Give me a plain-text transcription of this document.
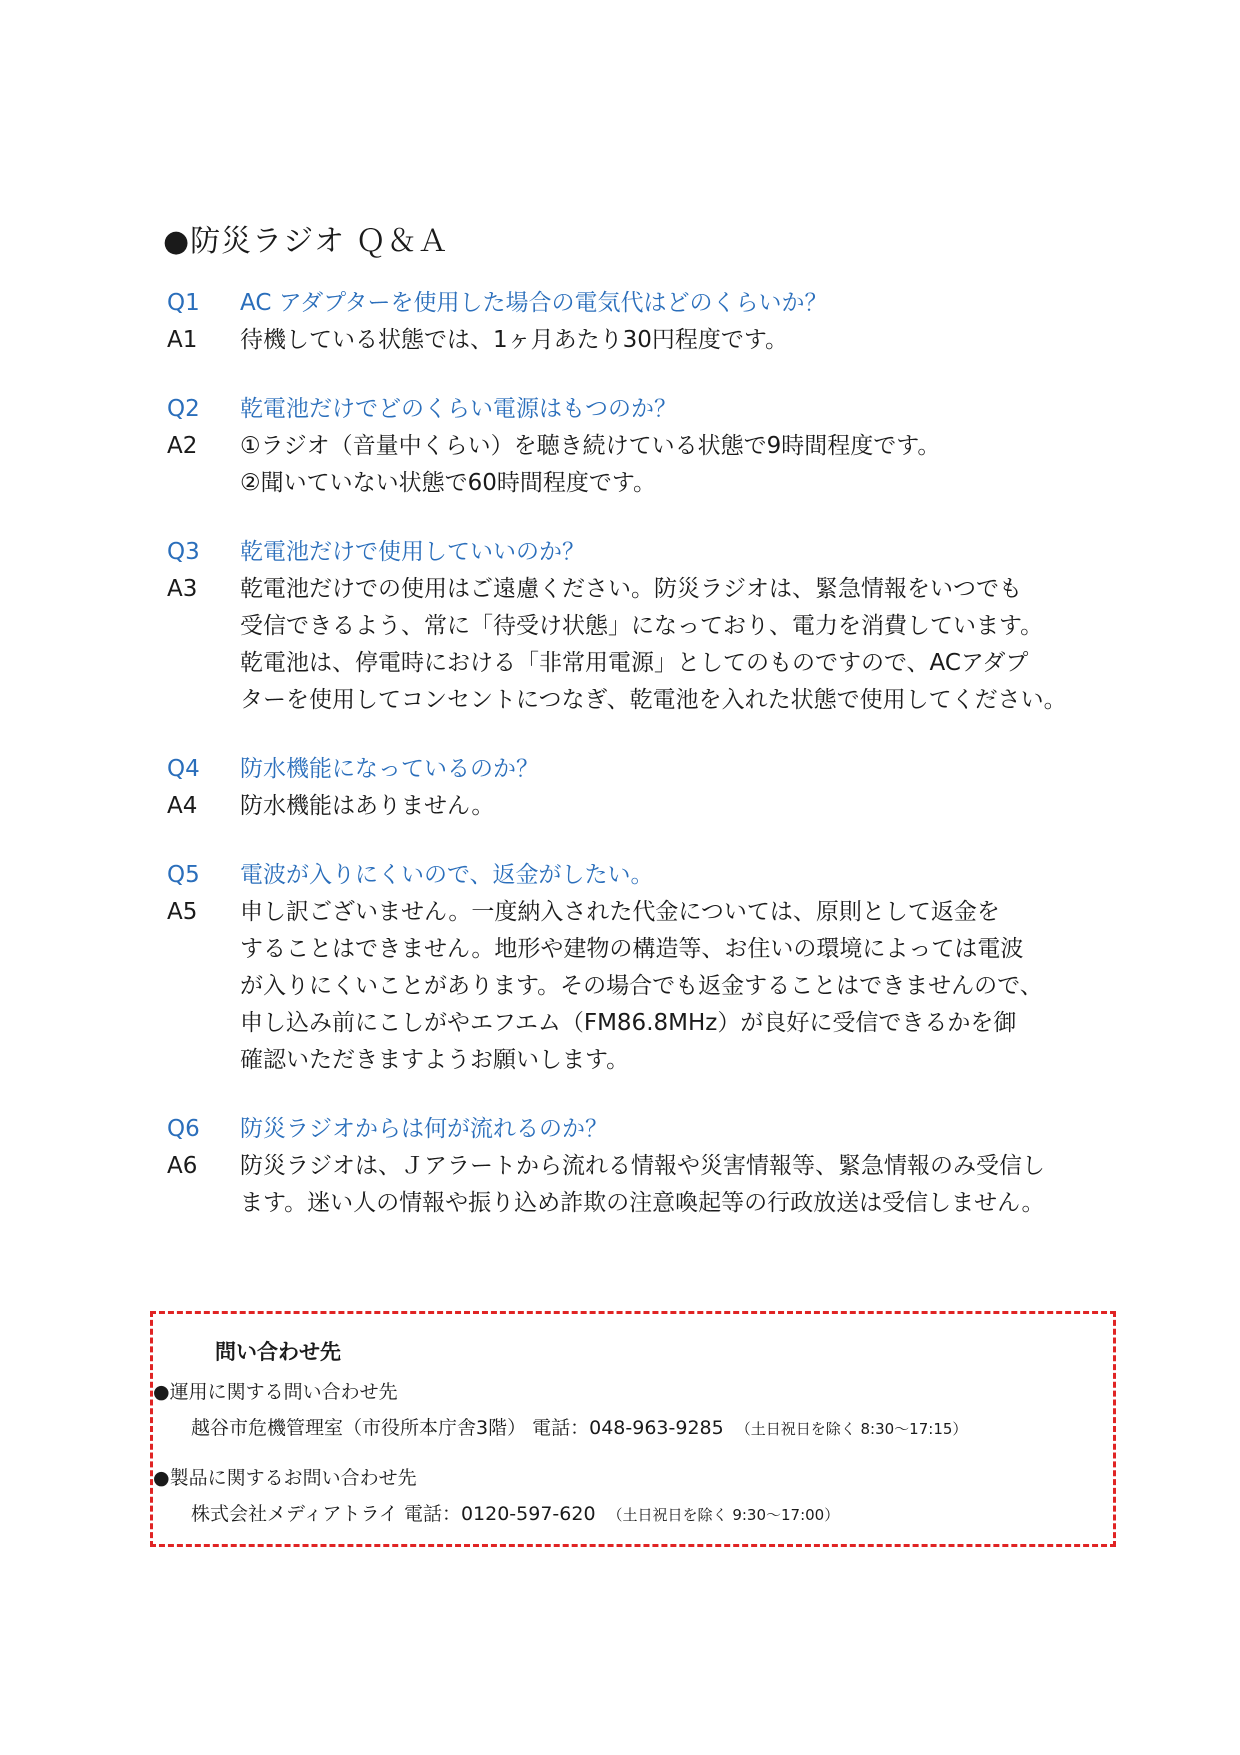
●防災ラジオ Ｑ＆Ａ
Q1	AC アダプターを使用した場合の電気代はどのくらいか？
A1	待機している状態では、1ヶ月あたり30円程度です。
Q2	乾電池だけでどのくらい電源はもつのか？
A2	①ラジオ（音量中くらい）を聴き続けている状態で9時間程度です。
②聞いていない状態で60時間程度です。
Q3	乾電池だけで使用していいのか？
A3	乾電池だけでの使用はご遠慮ください。防災ラジオは、緊急情報をいつでも
受信できるよう、常に「待受け状態」になっており、電力を消費しています。
乾電池は、停電時における「非常用電源」としてのものですので、ACアダプ
ターを使用してコンセントにつなぎ、乾電池を入れた状態で使用してください。
Q4	防水機能になっているのか？
A4	防水機能はありません。
Q5	電波が入りにくいので、返金がしたい。
A5	申し訳ございません。一度納入された代金については、原則として返金を
することはできません。地形や建物の構造等、お住いの環境によっては電波
が入りにくいことがあります。その場合でも返金することはできませんので、
申し込み前にこしがやエフエム（FM86.8MHz）が良好に受信できるかを御
確認いただきますようお願いします。
Q6	防災ラジオからは何が流れるのか？
A6	防災ラジオは、Ｊアラートから流れる情報や災害情報等、緊急情報のみ受信し
ます。迷い人の情報や振り込め詐欺の注意喚起等の行政放送は受信しません。
問い合わせ先
●運用に関する問い合わせ先
越谷市危機管理室（市役所本庁舎3階） 電話：048-963-9285 （土日祝日を除く 8:30～17:15）
●製品に関するお問い合わせ先
株式会社メディアトライ 電話：0120-597-620 （土日祝日を除く 9:30～17:00）
